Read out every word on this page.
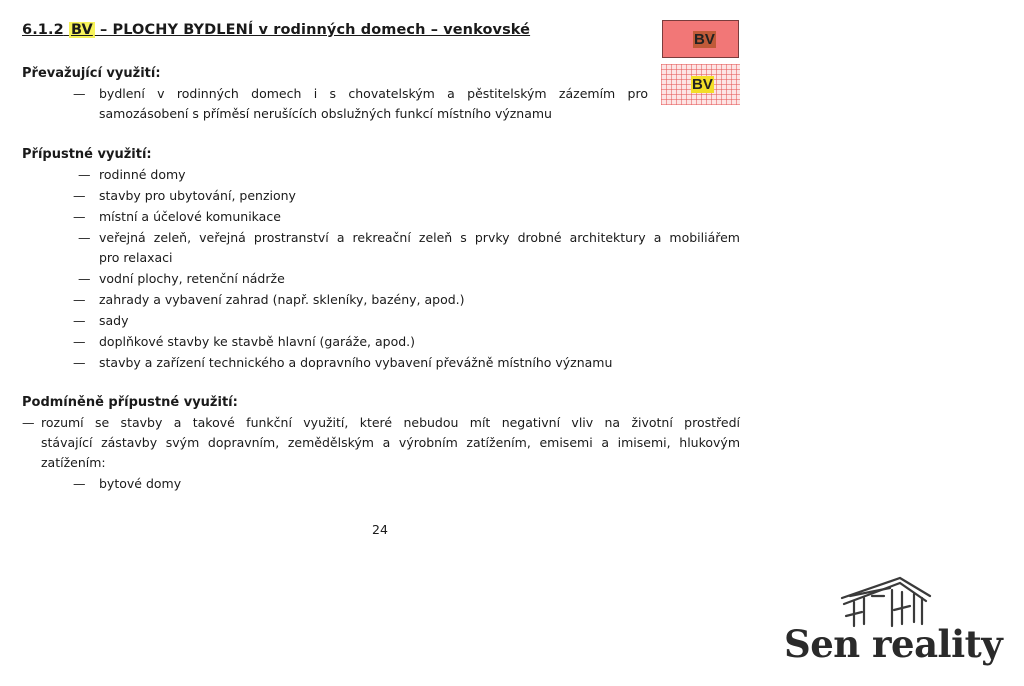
6.1.2 BV – PLOCHY BYDLENÍ v rodinných domech – venkovské
BV
BV
Převažující využití:
— bydlení v rodinných domech i s chovatelským a pěstitelským zázemím pro
samozásobení s příměsí nerušících obslužných funkcí místního významu
Přípustné využití:
— rodinné domy
— stavby pro ubytování, penziony
— místní a účelové komunikace
— veřejná zeleň, veřejná prostranství a rekreační zeleň s prvky drobné architektury a mobiliářem
pro relaxaci
— vodní plochy, retenční nádrže
— zahrady a vybavení zahrad (např. skleníky, bazény, apod.)
— sady
— doplňkové stavby ke stavbě hlavní (garáže, apod.)
— stavby a zařízení technického a dopravního vybavení převážně místního významu
Podmíněně přípustné využití:
— rozumí se stavby a takové funkční využití, které nebudou mít negativní vliv na životní prostředí
stávající zástavby svým dopravním, zemědělským a výrobním zatížením, emisemi a imisemi, hlukovým
zatížením:
— bytové domy
24
Sen reality
